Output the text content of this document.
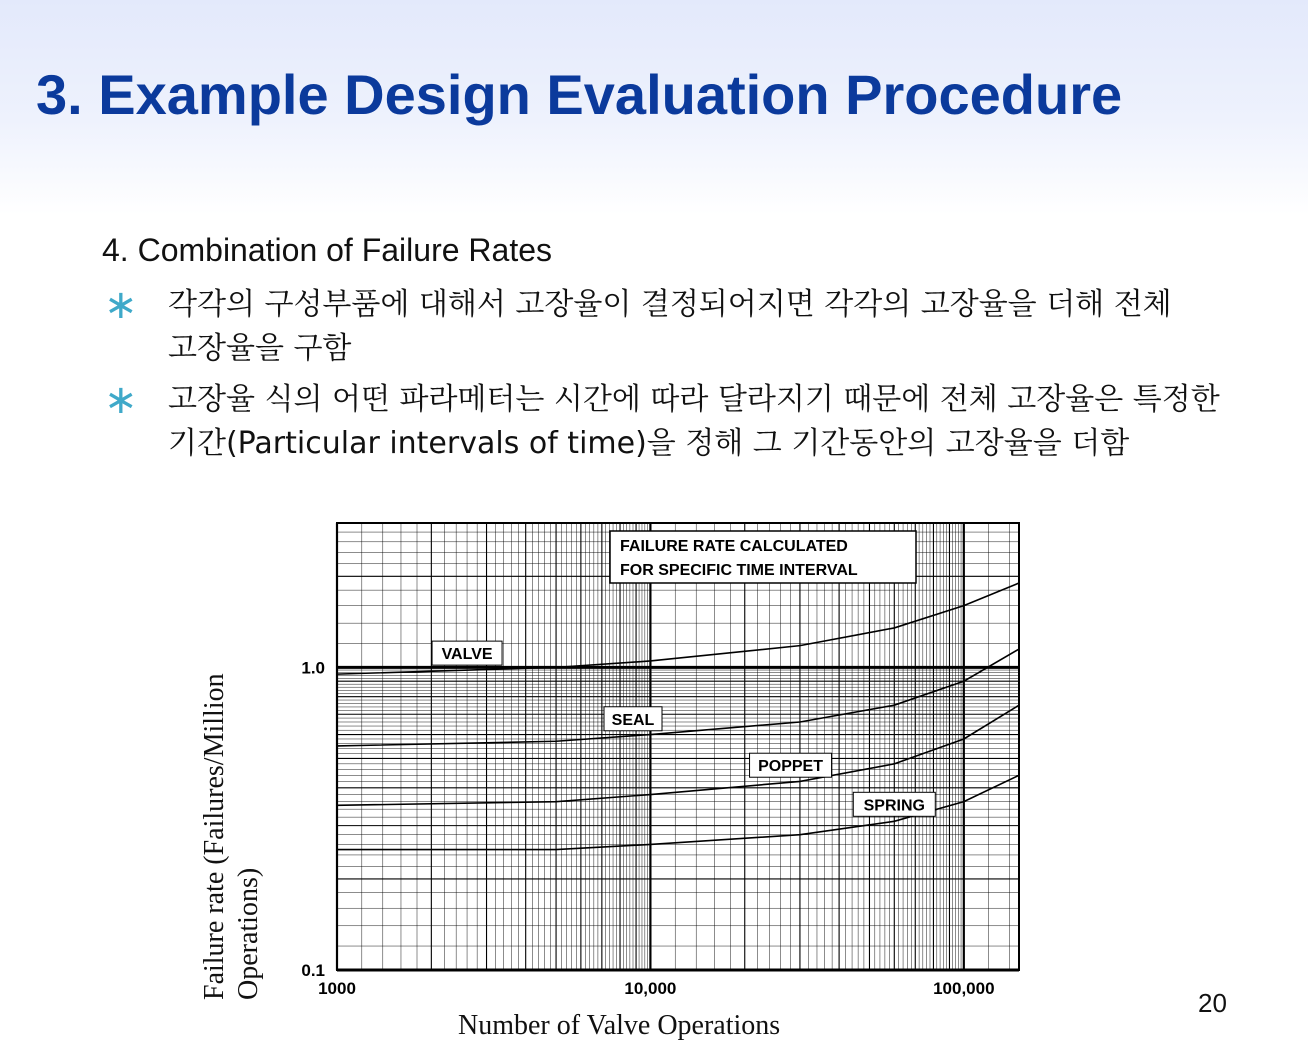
3. Example Design Evaluation Procedure
4. Combination of Failure Rates
∗	각각의 구성부품에 대해서 고장율이 결정되어지면 각각의 고장율을 더해 전체 고장율을 구함
∗	고장율 식의 어떤 파라메터는 시간에 따라 달라지기 때문에 전체 고장율은 특정한 기간(Particular intervals of time)을 정해 그 기간동안의 고장율을 더함
VALVE
SEAL
POPPET
SPRING
1000	10,000	100,000
0.1
1.0
FAILURE RATE CALCULATED
FOR SPECIFIC TIME INTERVAL
Failure rate (Failures/Million Operations)
Number of Valve Operations
20
